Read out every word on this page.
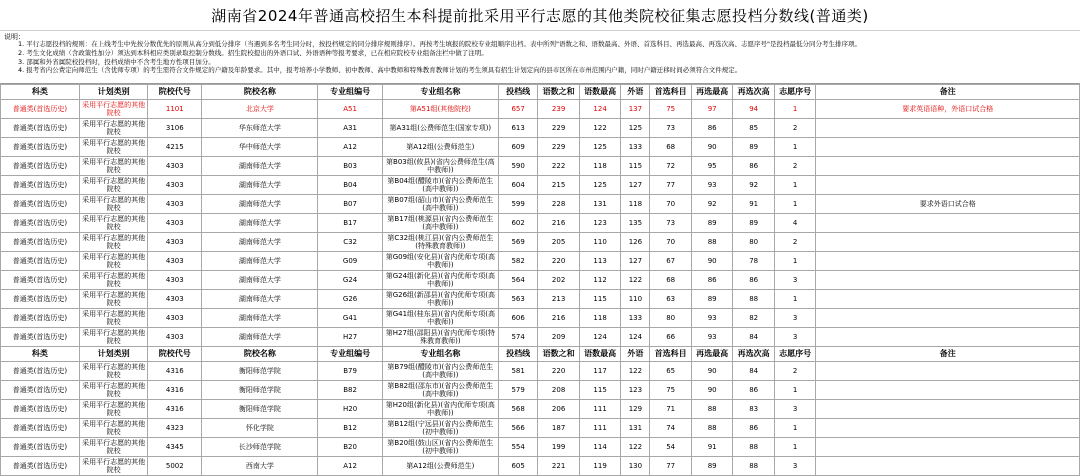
湖南省2024年普通高校招生本科提前批采用平行志愿的其他类院校征集志愿投档分数线(普通类)
说明：
1. 平行志愿投档的规则：在上线考生中先按分数优先的原则从高分到低分排序（当遇到多名考生同分时，按投档规定的同分排序规则排序）。再按考生填报的院校专业组顺序出档。表中所列"语数之和、语数最高、外语、首选科目、再选最高、再选次高、志愿序号"是投档最低分同分考生排序项。
2. 考生文化成绩（含政策性加分）须达到本科相应类别录取控制分数线。招生院校提出的外语口试、外语语种等报考要求，已在相应院校专业组备注栏中做了注明。
3. 部属和外省属院校投档时，投档成绩中不含考生地方性项目加分。
4. 报考省内公费定向师范生（含优师专项）的考生需符合文件规定的户籍及年龄要求。其中，报考培养小学教师、初中教师、高中教师和特殊教育教师计划的考生须具有招生计划定向的县市区所在市州范围内户籍，同时户籍迁移时间必须符合文件规定。
科类	计划类别	院校代号	院校名称	专业组编号	专业组名称	投档线	语数之和	语数最高	外语	首选科目	再选最高	再选次高	志愿序号	备注
普通类(首选历史)	采用平行志愿的其他院校	1101	北京大学	A51	第A51组(其他院校)	657	239	124	137	75	97	94	1	要求英语语种，外语口试合格
普通类(首选历史)	采用平行志愿的其他院校	3106	华东师范大学	A31	第A31组(公费师范生(国家专项))	613	229	122	125	73	86	85	2	
普通类(首选历史)	采用平行志愿的其他院校	4215	华中师范大学	A12	第A12组(公费师范生)	609	229	125	133	68	90	89	1	
普通类(首选历史)	采用平行志愿的其他院校	4303	湖南师范大学	B03	第B03组(攸县)(省内公费师范生(高中教师))	590	222	118	115	72	95	86	2	
普通类(首选历史)	采用平行志愿的其他院校	4303	湖南师范大学	B04	第B04组(醴陵市)(省内公费师范生(高中教师))	604	215	125	127	77	93	92	1	
普通类(首选历史)	采用平行志愿的其他院校	4303	湖南师范大学	B07	第B07组(韶山市)(省内公费师范生(高中教师))	599	228	131	118	70	92	91	1	要求外语口试合格
普通类(首选历史)	采用平行志愿的其他院校	4303	湖南师范大学	B17	第B17组(桃源县)(省内公费师范生(高中教师))	602	216	123	135	73	89	89	4	
普通类(首选历史)	采用平行志愿的其他院校	4303	湖南师范大学	C32	第C32组(桃江县)(省内公费师范生(特殊教育教师))	569	205	110	126	70	88	80	2	
普通类(首选历史)	采用平行志愿的其他院校	4303	湖南师范大学	G09	第G09组(安化县)(省内优师专项(高中教师))	582	220	113	127	67	90	78	1	
普通类(首选历史)	采用平行志愿的其他院校	4303	湖南师范大学	G24	第G24组(新化县)(省内优师专项(高中教师))	564	202	112	122	68	86	86	3	
普通类(首选历史)	采用平行志愿的其他院校	4303	湖南师范大学	G26	第G26组(新邵县)(省内优师专项(高中教师))	563	213	115	110	63	89	88	1	
普通类(首选历史)	采用平行志愿的其他院校	4303	湖南师范大学	G41	第G41组(桂东县)(省内优师专项(高中教师))	606	216	118	133	80	93	82	3	
普通类(首选历史)	采用平行志愿的其他院校	4303	湖南师范大学	H27	第H27组(邵阳县)(省内优师专项(特殊教育教师))	574	209	124	124	66	93	84	3	
科类	计划类别	院校代号	院校名称	专业组编号	专业组名称	投档线	语数之和	语数最高	外语	首选科目	再选最高	再选次高	志愿序号	备注
普通类(首选历史)	采用平行志愿的其他院校	4316	衡阳师范学院	B79	第B79组(醴陵市)(省内公费师范生(高中教师))	581	220	117	122	65	90	84	2	
普通类(首选历史)	采用平行志愿的其他院校	4316	衡阳师范学院	B82	第B82组(邵东市)(省内公费师范生(高中教师))	579	208	115	123	75	90	86	1	
普通类(首选历史)	采用平行志愿的其他院校	4316	衡阳师范学院	H20	第H20组(新化县)(省内优师专项(高中教师))	568	206	111	129	71	88	83	3	
普通类(首选历史)	采用平行志愿的其他院校	4323	怀化学院	B12	第B12组(宁远县)(省内公费师范生(初中教师))	566	187	111	131	74	88	86	1	
普通类(首选历史)	采用平行志愿的其他院校	4345	长沙师范学院	B20	第B20组(鼓山区)(省内公费师范生(初中教师))	554	199	114	122	54	91	88	1	
普通类(首选历史)	采用平行志愿的其他院校	5002	西南大学	A12	第A12组(公费师范生)	605	221	119	130	77	89	88	3	
